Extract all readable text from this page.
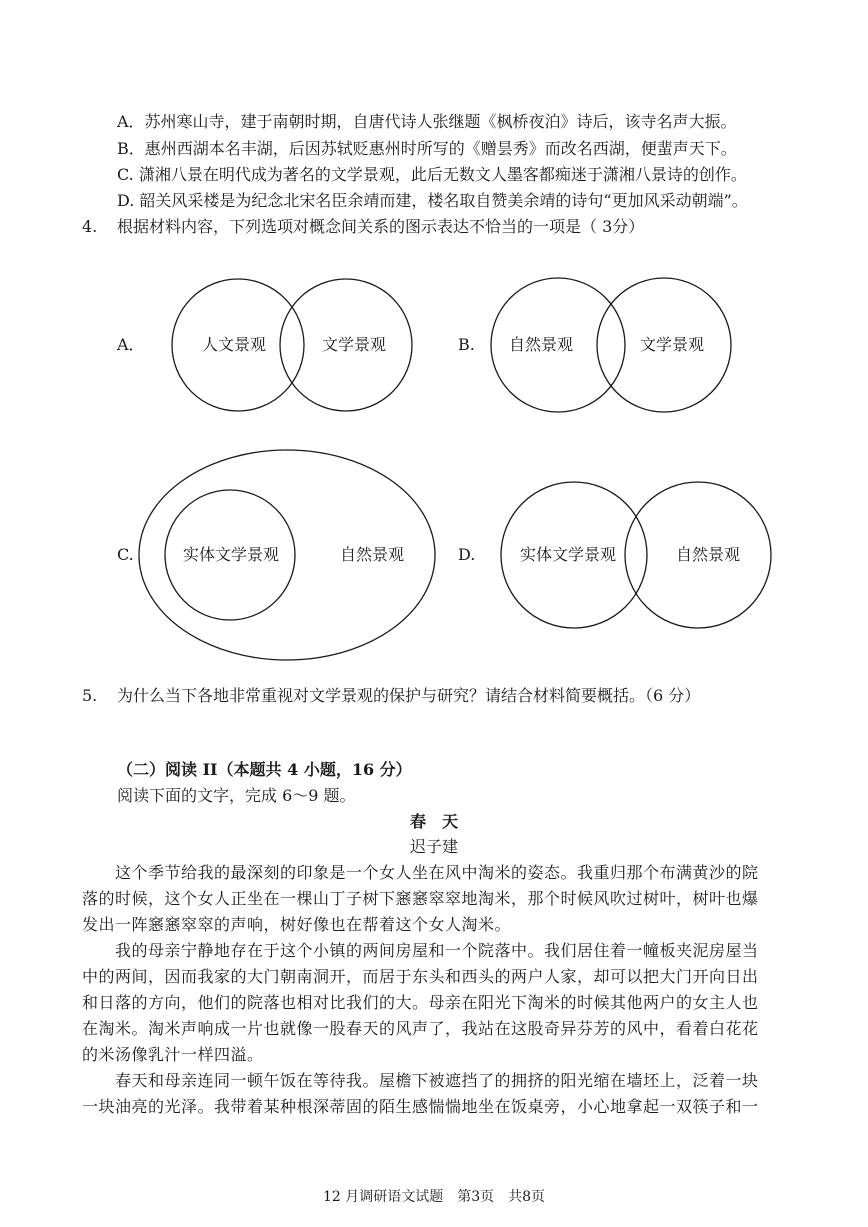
A．苏州寒山寺，建于南朝时期，自唐代诗人张继题《枫桥夜泊》诗后，该寺名声大振。
B．惠州西湖本名丰湖，后因苏轼贬惠州时所写的《赠昙秀》而改名西湖，便蜚声天下。
C. 潇湘八景在明代成为著名的文学景观，此后无数文人墨客都痴迷于潇湘八景诗的创作。
D. 韶关风采楼是为纪念北宋名臣余靖而建，楼名取自赞美余靖的诗句“更加风采动朝端”。
4. 根据材料内容，下列选项对概念间关系的图示表达不恰当的一项是（ 3分）
A．	人文景观	文学景观	B. 自然景观	文学景观
C.	实体文学景观	自然景观	D.	实体文学景观	自然景观
5. 为什么当下各地非常重视对文学景观的保护与研究？请结合材料简要概括。（6 分）
（二）阅读 II（本题共 4 小题，16 分）
阅读下面的文字，完成 6～9 题。
春　天
迟子建
　　这个季节给我的最深刻的印象是一个女人坐在风中淘米的姿态。我重归那个布满黄沙的院
落的时候，这个女人正坐在一棵山丁子树下窸窸窣窣地淘米，那个时候风吹过树叶，树叶也爆
发出一阵窸窸窣窣的声响，树好像也在帮着这个女人淘米。
　　我的母亲宁静地存在于这个小镇的两间房屋和一个院落中。我们居住着一幢板夹泥房屋当
中的两间，因而我家的大门朝南洞开，而居于东头和西头的两户人家，却可以把大门开向日出
和日落的方向，他们的院落也相对比我们的大。母亲在阳光下淘米的时候其他两户的女主人也
在淘米。淘米声响成一片也就像一股春天的风声了，我站在这股奇异芬芳的风中，看着白花花
的米汤像乳汁一样四溢。
　　春天和母亲连同一顿午饭在等待我。屋檐下被遮挡了的拥挤的阳光缩在墙坯上，泛着一块
一块油亮的光泽。我带着某种根深蒂固的陌生感惴惴地坐在饭桌旁，小心地拿起一双筷子和一
12 月调研语文试题　第3页　共8页
